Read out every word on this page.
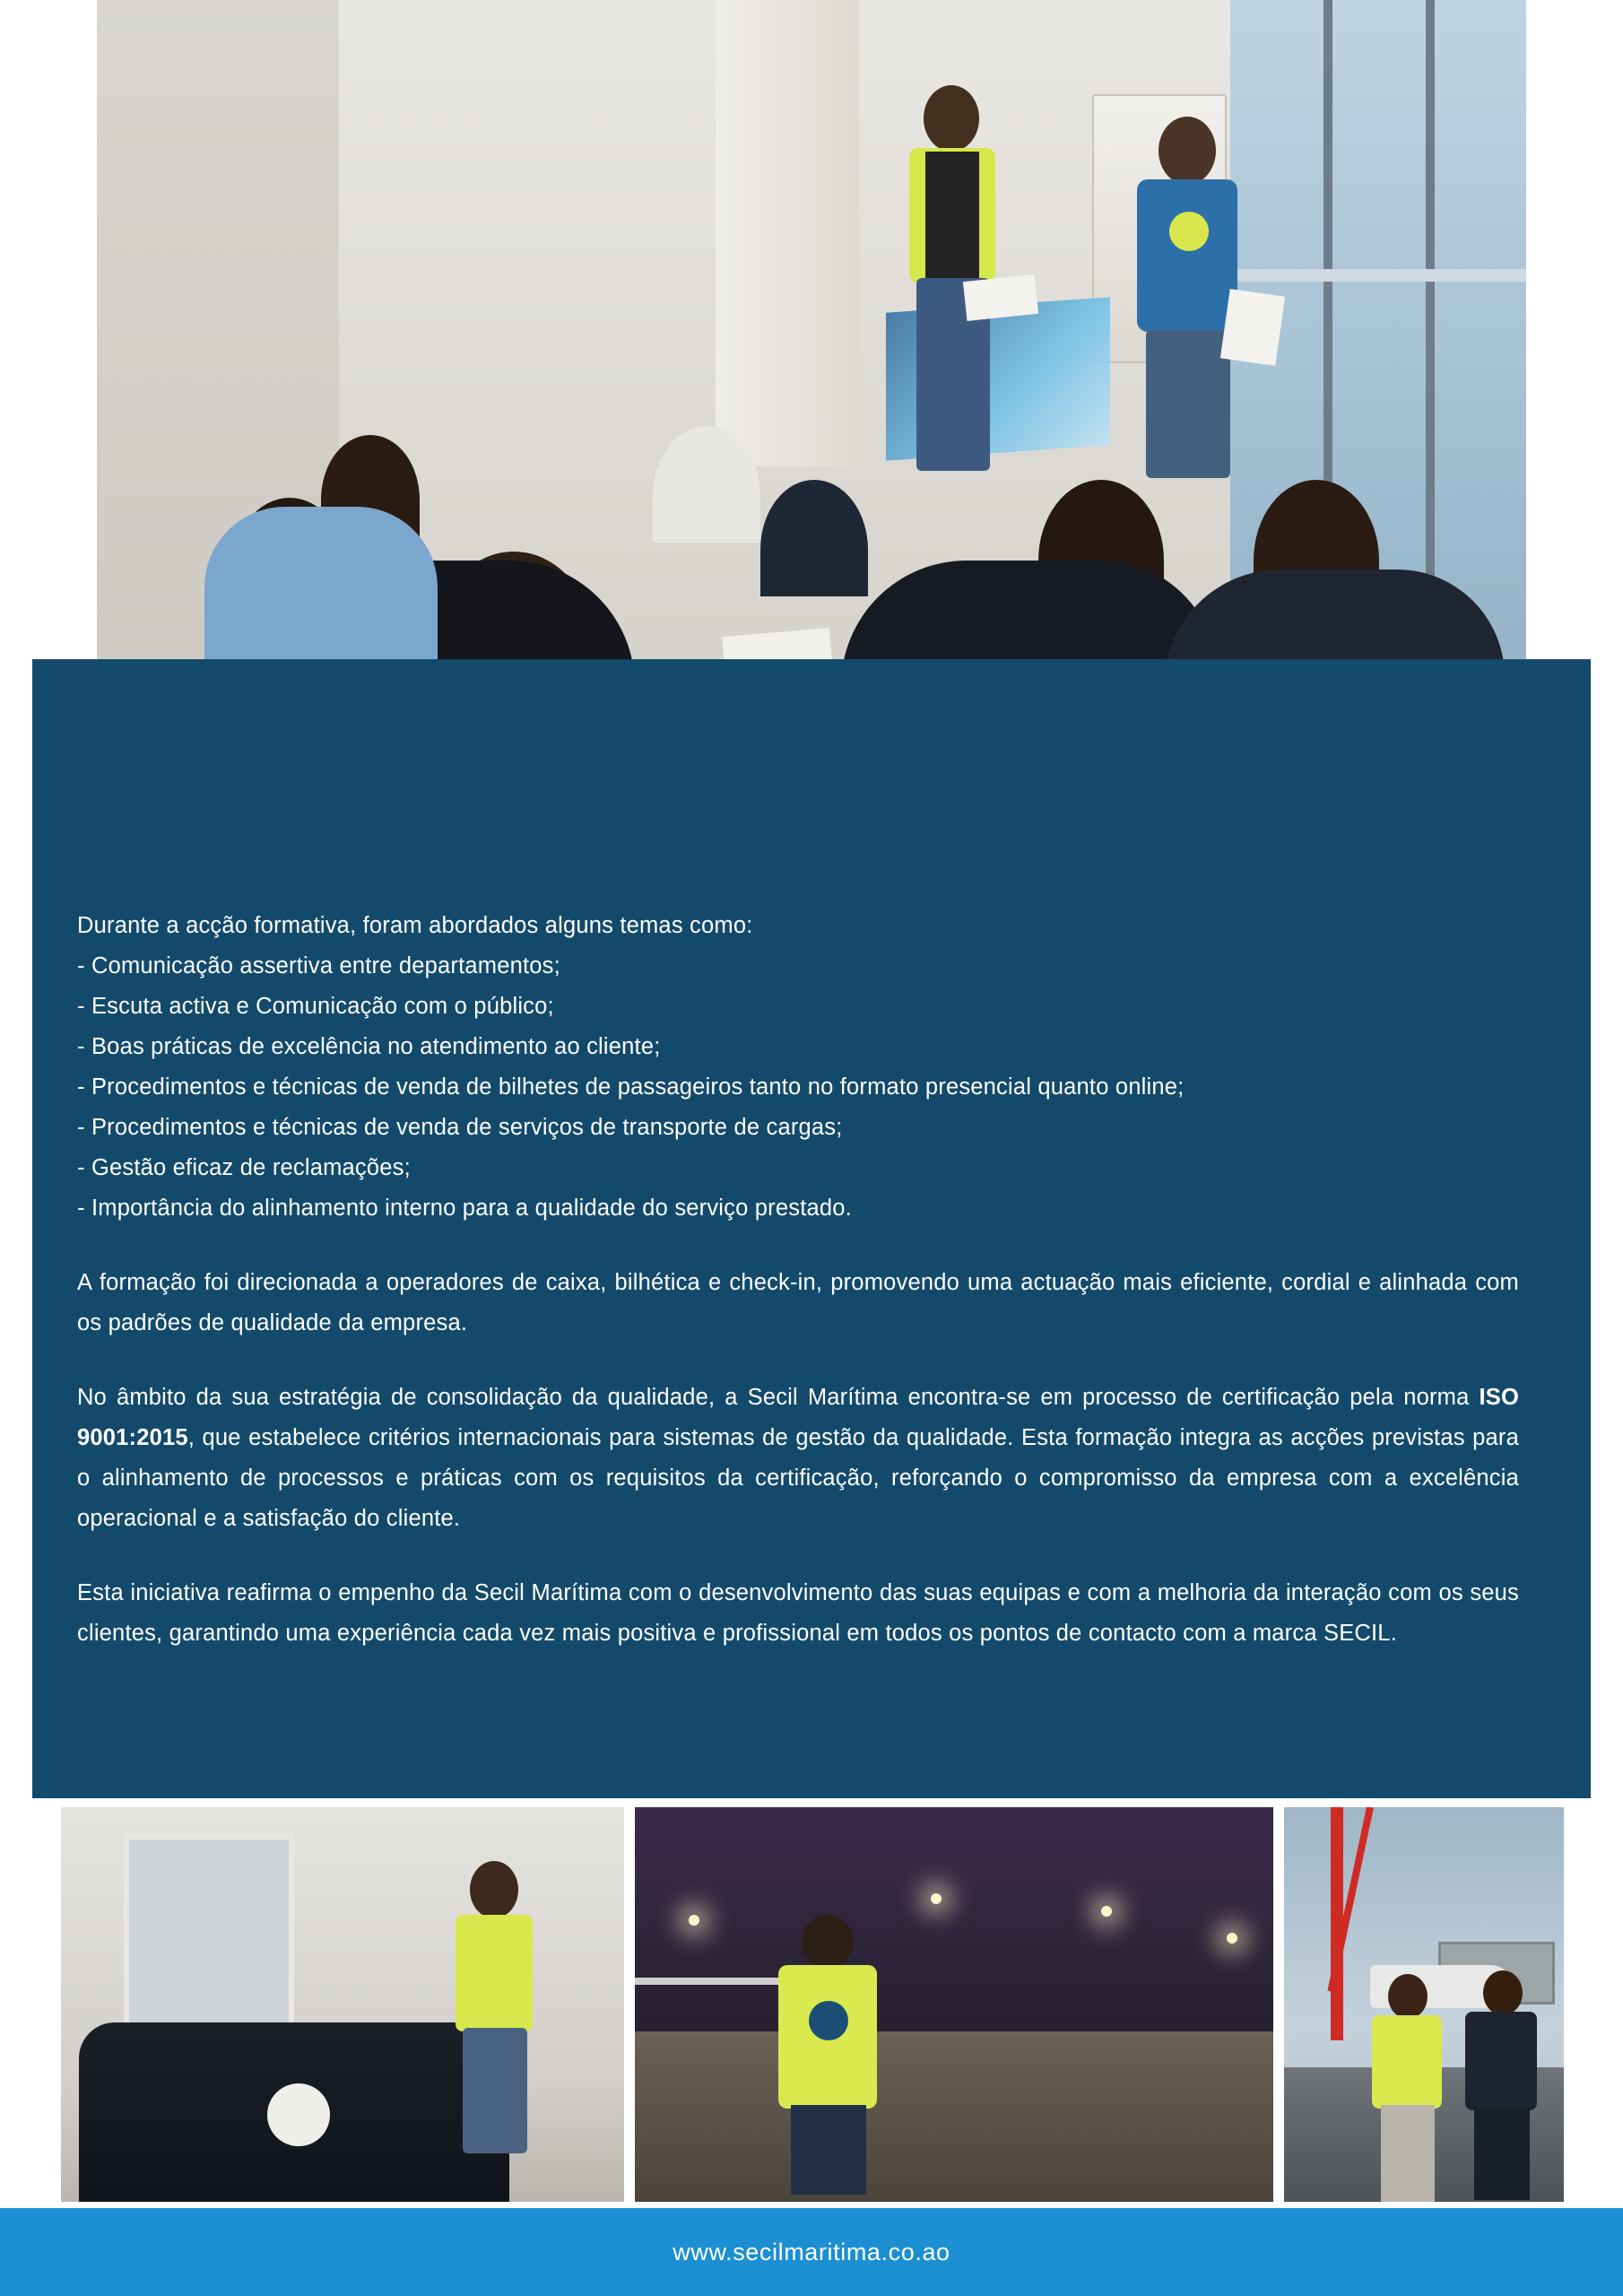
Durante a acção formativa, foram abordados alguns temas como:

- Comunicação assertiva entre departamentos;

- Escuta activa e Comunicação com o público;

- Boas práticas de excelência no atendimento ao cliente;

- Procedimentos e técnicas de venda de bilhetes de passageiros tanto no formato presencial quanto online;

- Procedimentos e técnicas de venda de serviços de transporte de cargas;

- Gestão eficaz de reclamações;

- Importância do alinhamento interno para a qualidade do serviço prestado.

A formação foi direcionada a operadores de caixa, bilhética e check-in, promovendo uma actuação mais eficiente, cordial e alinhada com os padrões de qualidade da empresa.

No âmbito da sua estratégia de consolidação da qualidade, a Secil Marítima encontra-se em processo de certificação pela norma ISO 9001:2015, que estabelece critérios internacionais para sistemas de gestão da qualidade. Esta formação integra as acções previstas para o alinhamento de processos e práticas com os requisitos da certificação, reforçando o compromisso da empresa com a excelência operacional e a satisfação do cliente.

Esta iniciativa reafirma o empenho da Secil Marítima com o desenvolvimento das suas equipas e com a melhoria da interação com os seus clientes, garantindo uma experiência cada vez mais positiva e profissional em todos os pontos de contacto com a marca SECIL.

www.secilmaritima.co.ao
